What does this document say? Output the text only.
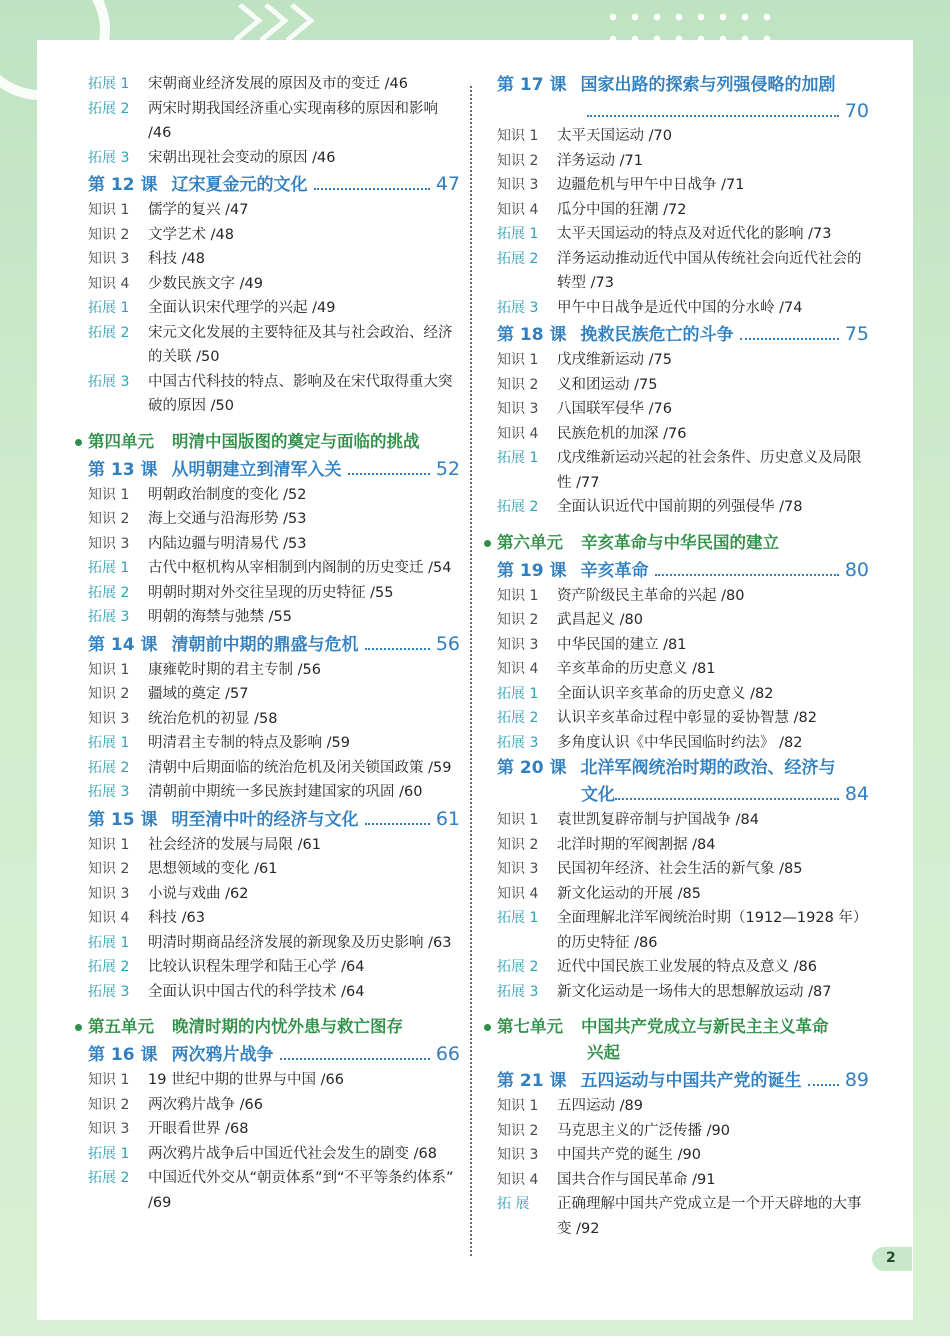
拓展 1	宋朝商业经济发展的原因及市的变迁 /46
拓展 2	两宋时期我国经济重心实现南移的原因和影响 /46
拓展 3	宋朝出现社会变动的原因 /46
第 12 课 辽宋夏金元的文化	47
知识 1	儒学的复兴 /47
知识 2	文学艺术 /48
知识 3	科技 /48
知识 4	少数民族文字 /49
拓展 1	全面认识宋代理学的兴起 /49
拓展 2	宋元文化发展的主要特征及其与社会政治、经济的关联 /50
拓展 3	中国古代科技的特点、影响及在宋代取得重大突破的原因 /50
第四单元 明清中国版图的奠定与面临的挑战
第 13 课 从明朝建立到清军入关	52
知识 1	明朝政治制度的变化 /52
知识 2	海上交通与沿海形势 /53
知识 3	内陆边疆与明清易代 /53
拓展 1	古代中枢机构从宰相制到内阁制的历史变迁 /54
拓展 2	明朝时期对外交往呈现的历史特征 /55
拓展 3	明朝的海禁与弛禁 /55
第 14 课 清朝前中期的鼎盛与危机	56
知识 1	康雍乾时期的君主专制 /56
知识 2	疆域的奠定 /57
知识 3	统治危机的初显 /58
拓展 1	明清君主专制的特点及影响 /59
拓展 2	清朝中后期面临的统治危机及闭关锁国政策 /59
拓展 3	清朝前中期统一多民族封建国家的巩固 /60
第 15 课 明至清中叶的经济与文化	61
知识 1	社会经济的发展与局限 /61
知识 2	思想领域的变化 /61
知识 3	小说与戏曲 /62
知识 4	科技 /63
拓展 1	明清时期商品经济发展的新现象及历史影响 /63
拓展 2	比较认识程朱理学和陆王心学 /64
拓展 3	全面认识中国古代的科学技术 /64
第五单元 晚清时期的内忧外患与救亡图存
第 16 课 两次鸦片战争	66
知识 1	19 世纪中期的世界与中国 /66
知识 2	两次鸦片战争 /66
知识 3	开眼看世界 /68
拓展 1	两次鸦片战争后中国近代社会发生的剧变 /68
拓展 2	中国近代外交从“朝贡体系”到“不平等条约体系” /69
第 17 课 国家出路的探索与列强侵略的加剧
70
知识 1	太平天国运动 /70
知识 2	洋务运动 /71
知识 3	边疆危机与甲午中日战争 /71
知识 4	瓜分中国的狂潮 /72
拓展 1	太平天国运动的特点及对近代化的影响 /73
拓展 2	洋务运动推动近代中国从传统社会向近代社会的转型 /73
拓展 3	甲午中日战争是近代中国的分水岭 /74
第 18 课 挽救民族危亡的斗争	75
知识 1	戊戌维新运动 /75
知识 2	义和团运动 /75
知识 3	八国联军侵华 /76
知识 4	民族危机的加深 /76
拓展 1	戊戌维新运动兴起的社会条件、历史意义及局限性 /77
拓展 2	全面认识近代中国前期的列强侵华 /78
第六单元 辛亥革命与中华民国的建立
第 19 课 辛亥革命	80
知识 1	资产阶级民主革命的兴起 /80
知识 2	武昌起义 /80
知识 3	中华民国的建立 /81
知识 4	辛亥革命的历史意义 /81
拓展 1	全面认识辛亥革命的历史意义 /82
拓展 2	认识辛亥革命过程中彰显的妥协智慧 /82
拓展 3	多角度认识《中华民国临时约法》 /82
第 20 课 北洋军阀统治时期的政治、经济与
文化	84
知识 1	袁世凯复辟帝制与护国战争 /84
知识 2	北洋时期的军阀割据 /84
知识 3	民国初年经济、社会生活的新气象 /85
知识 4	新文化运动的开展 /85
拓展 1	全面理解北洋军阀统治时期（1912—1928 年）的历史特征 /86
拓展 2	近代中国民族工业发展的特点及意义 /86
拓展 3	新文化运动是一场伟大的思想解放运动 /87
第七单元 中国共产党成立与新民主主义革命
兴起
第 21 课 五四运动与中国共产党的诞生 89
知识 1	五四运动 /89
知识 2	马克思主义的广泛传播 /90
知识 3	中国共产党的诞生 /90
知识 4	国共合作与国民革命 /91
拓 展	正确理解中国共产党成立是一个开天辟地的大事变 /92
2
